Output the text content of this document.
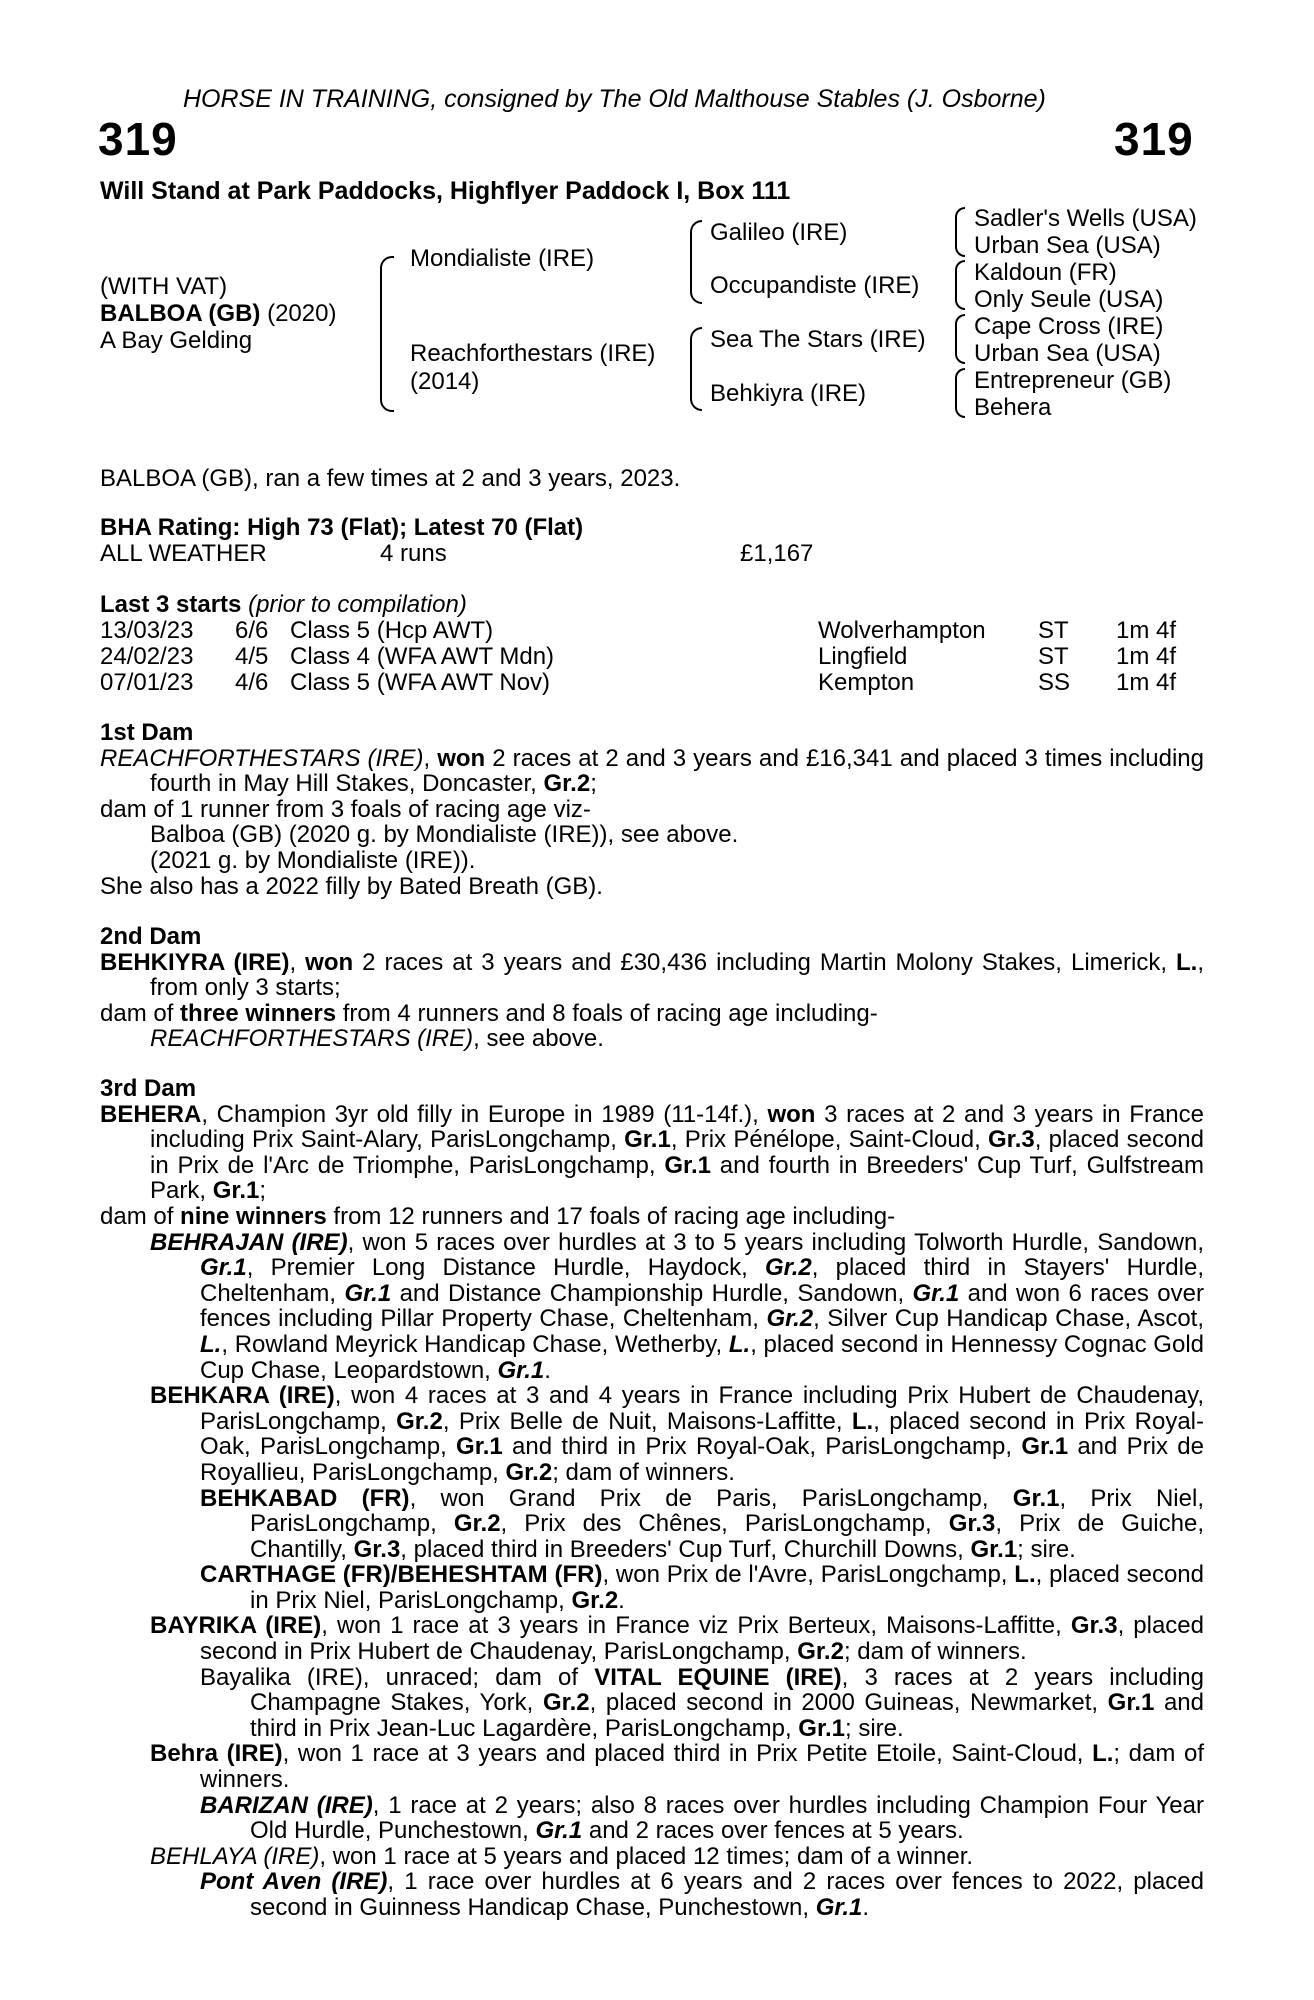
HORSE IN TRAINING, consigned by The Old Malthouse Stables (J. Osborne)
319	319
Will Stand at Park Paddocks, Highflyer Paddock I, Box 111
(WITH VAT)
BALBOA (GB) (2020)
A Bay Gelding
Mondialiste (IRE)
Reachforthestars (IRE)
(2014)
Galileo (IRE)
Occupandiste (IRE)
Sea The Stars (IRE)
Behkiyra (IRE)
Sadler's Wells (USA)
Urban Sea (USA)
Kaldoun (FR)
Only Seule (USA)
Cape Cross (IRE)
Urban Sea (USA)
Entrepreneur (GB)
Behera
BALBOA (GB), ran a few times at 2 and 3 years, 2023.
BHA Rating: High 73 (Flat); Latest 70 (Flat)
ALL WEATHER	4 runs	£1,167
Last 3 starts (prior to compilation)
13/03/23 6/6 Class 5 (Hcp AWT)	Wolverhampton ST 1m 4f
24/02/23 4/5 Class 4 (WFA AWT Mdn)	Lingfield	ST 1m 4f
07/01/23 4/6 Class 5 (WFA AWT Nov)	Kempton	SS 1m 4f
1st Dam

REACHFORTHESTARS (IRE), won 2 races at 2 and 3 years and £16,341 and placed 3 times including fourth in May Hill Stakes, Doncaster, Gr.2;

dam of 1 runner from 3 foals of racing age viz-

Balboa (GB) (2020 g. by Mondialiste (IRE)), see above.

(2021 g. by Mondialiste (IRE)).

She also has a 2022 filly by Bated Breath (GB).

2nd Dam

BEHKIYRA (IRE), won 2 races at 3 years and £30,436 including Martin Molony Stakes, Limerick, L., from only 3 starts;

dam of three winners from 4 runners and 8 foals of racing age including-

REACHFORTHESTARS (IRE), see above.

3rd Dam

BEHERA, Champion 3yr old filly in Europe in 1989 (11-14f.), won 3 races at 2 and 3 years in France including Prix Saint-Alary, ParisLongchamp, Gr.1, Prix Pénélope, Saint-Cloud, Gr.3, placed second in Prix de l'Arc de Triomphe, ParisLongchamp, Gr.1 and fourth in Breeders' Cup Turf, Gulfstream Park, Gr.1;

dam of nine winners from 12 runners and 17 foals of racing age including-

BEHRAJAN (IRE), won 5 races over hurdles at 3 to 5 years including Tolworth Hurdle, Sandown, Gr.1, Premier Long Distance Hurdle, Haydock, Gr.2, placed third in Stayers' Hurdle, Cheltenham, Gr.1 and Distance Championship Hurdle, Sandown, Gr.1 and won 6 races over fences including Pillar Property Chase, Cheltenham, Gr.2, Silver Cup Handicap Chase, Ascot, L., Rowland Meyrick Handicap Chase, Wetherby, L., placed second in Hennessy Cognac Gold Cup Chase, Leopardstown, Gr.1.

BEHKARA (IRE), won 4 races at 3 and 4 years in France including Prix Hubert de Chaudenay, ParisLongchamp, Gr.2, Prix Belle de Nuit, Maisons-Laffitte, L., placed second in Prix Royal-Oak, ParisLongchamp, Gr.1 and third in Prix Royal-Oak, ParisLongchamp, Gr.1 and Prix de Royallieu, ParisLongchamp, Gr.2; dam of winners.

BEHKABAD (FR), won Grand Prix de Paris, ParisLongchamp, Gr.1, Prix Niel, ParisLongchamp, Gr.2, Prix des Chênes, ParisLongchamp, Gr.3, Prix de Guiche, Chantilly, Gr.3, placed third in Breeders' Cup Turf, Churchill Downs, Gr.1; sire.

CARTHAGE (FR)/BEHESHTAM (FR), won Prix de l'Avre, ParisLongchamp, L., placed second in Prix Niel, ParisLongchamp, Gr.2.

BAYRIKA (IRE), won 1 race at 3 years in France viz Prix Berteux, Maisons-Laffitte, Gr.3, placed second in Prix Hubert de Chaudenay, ParisLongchamp, Gr.2; dam of winners.

Bayalika (IRE), unraced; dam of VITAL EQUINE (IRE), 3 races at 2 years including Champagne Stakes, York, Gr.2, placed second in 2000 Guineas, Newmarket, Gr.1 and third in Prix Jean-Luc Lagardère, ParisLongchamp, Gr.1; sire.

Behra (IRE), won 1 race at 3 years and placed third in Prix Petite Etoile, Saint-Cloud, L.; dam of winners.

BARIZAN (IRE), 1 race at 2 years; also 8 races over hurdles including Champion Four Year Old Hurdle, Punchestown, Gr.1 and 2 races over fences at 5 years.

BEHLAYA (IRE), won 1 race at 5 years and placed 12 times; dam of a winner.

Pont Aven (IRE), 1 race over hurdles at 6 years and 2 races over fences to 2022, placed second in Guinness Handicap Chase, Punchestown, Gr.1.
